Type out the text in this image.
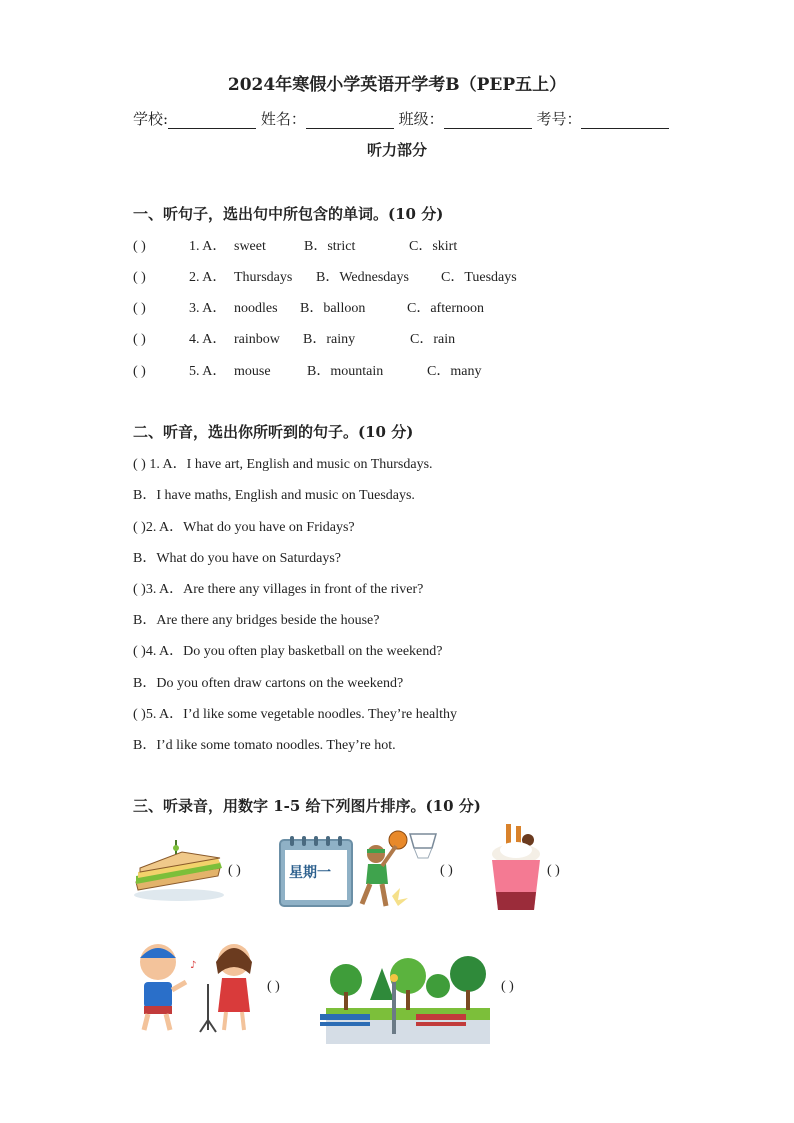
2024年寒假小学英语开学考B（PEP五上）
学校:	姓名：	班级：	考号：
听力部分
一、听句子，选出句中所包含的单词。(10 分)
( )	1. A． sweet	B．strict	C．skirt
( )	2. A． Thursdays B．Wednesdays C．Tuesdays
( )	3. A． noodles B．balloon	C．afternoon
( )	4. A． rainbow B．rainy	C．rain
( )	5. A． mouse	B．mountain	C．many
二、听音，选出你所听到的句子。(10 分)
( ) 1. A．I have art, English and music on Thursdays.
B．I have maths, English and music on Tuesdays.
( )2. A．What do you have on Fridays?
B．What do you have on Saturdays?
( )3. A．Are there any villages in front of the river?
B．Are there any bridges beside the house?
( )4. A．Do you often play basketball on the weekend?
B．Do you often draw cartons on the weekend?
( )5. A．I’d like some vegetable noodles. They’re healthy
B．I’d like some tomato noodles. They’re hot.
三、听录音，用数字 1-5 给下列图片排序。(10 分)
( )	星期一	( )	( )
♪
( )	( )
